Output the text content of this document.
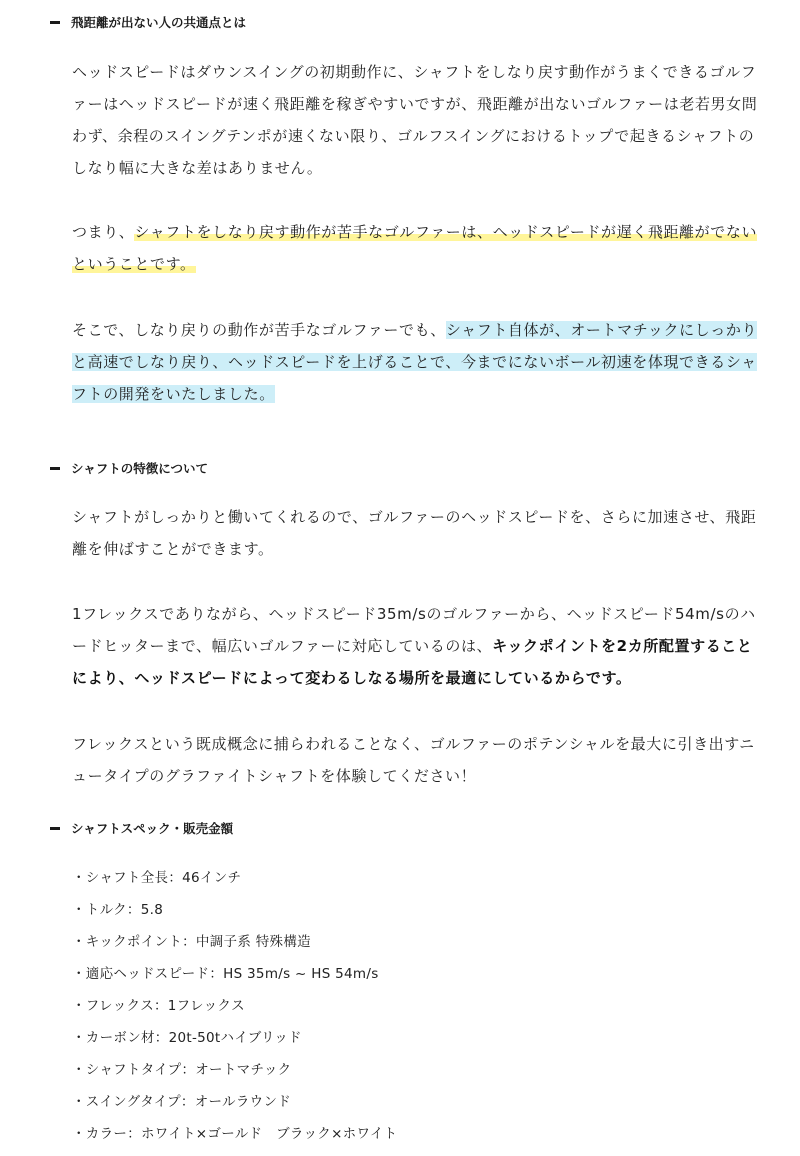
飛距離が出ない人の共通点とは

ヘッドスピードはダウンスイングの初期動作に、シャフトをしなり戻す動作がうまくできるゴルファーはヘッドスピードが速く飛距離を稼ぎやすいですが、飛距離が出ないゴルファーは老若男女問わず、余程のスイングテンポが速くない限り、ゴルフスイングにおけるトップで起きるシャフトのしなり幅に大きな差はありません。

つまり、シャフトをしなり戻す動作が苦手なゴルファーは、ヘッドスピードが遅く飛距離がでないということです。

そこで、しなり戻りの動作が苦手なゴルファーでも、シャフト自体が、オートマチックにしっかりと高速でしなり戻り、ヘッドスピードを上げることで、今までにないボール初速を体現できるシャフトの開発をいたしました。

シャフトの特徴について

シャフトがしっかりと働いてくれるので、ゴルファーのヘッドスピードを、さらに加速させ、飛距離を伸ばすことができます。

1フレックスでありながら、ヘッドスピード35m/sのゴルファーから、ヘッドスピード54m/sのハードヒッターまで、幅広いゴルファーに対応しているのは、キックポイントを2カ所配置することにより、ヘッドスピードによって変わるしなる場所を最適にしているからです。

フレックスという既成概念に捕らわれることなく、ゴルファーのポテンシャルを最大に引き出すニュータイプのグラファイトシャフトを体験してください！

シャフトスペック・販売金額
・シャフト全長：46インチ
・トルク：5.8
・キックポイント：中調子系 特殊構造
・適応ヘッドスピード：HS 35m/s ~ HS 54m/s
・フレックス：1フレックス
・カーボン材：20t-50tハイブリッド
・シャフトタイプ：オートマチック
・スイングタイプ：オールラウンド
・カラー：ホワイト×ゴールド　ブラック×ホワイト
